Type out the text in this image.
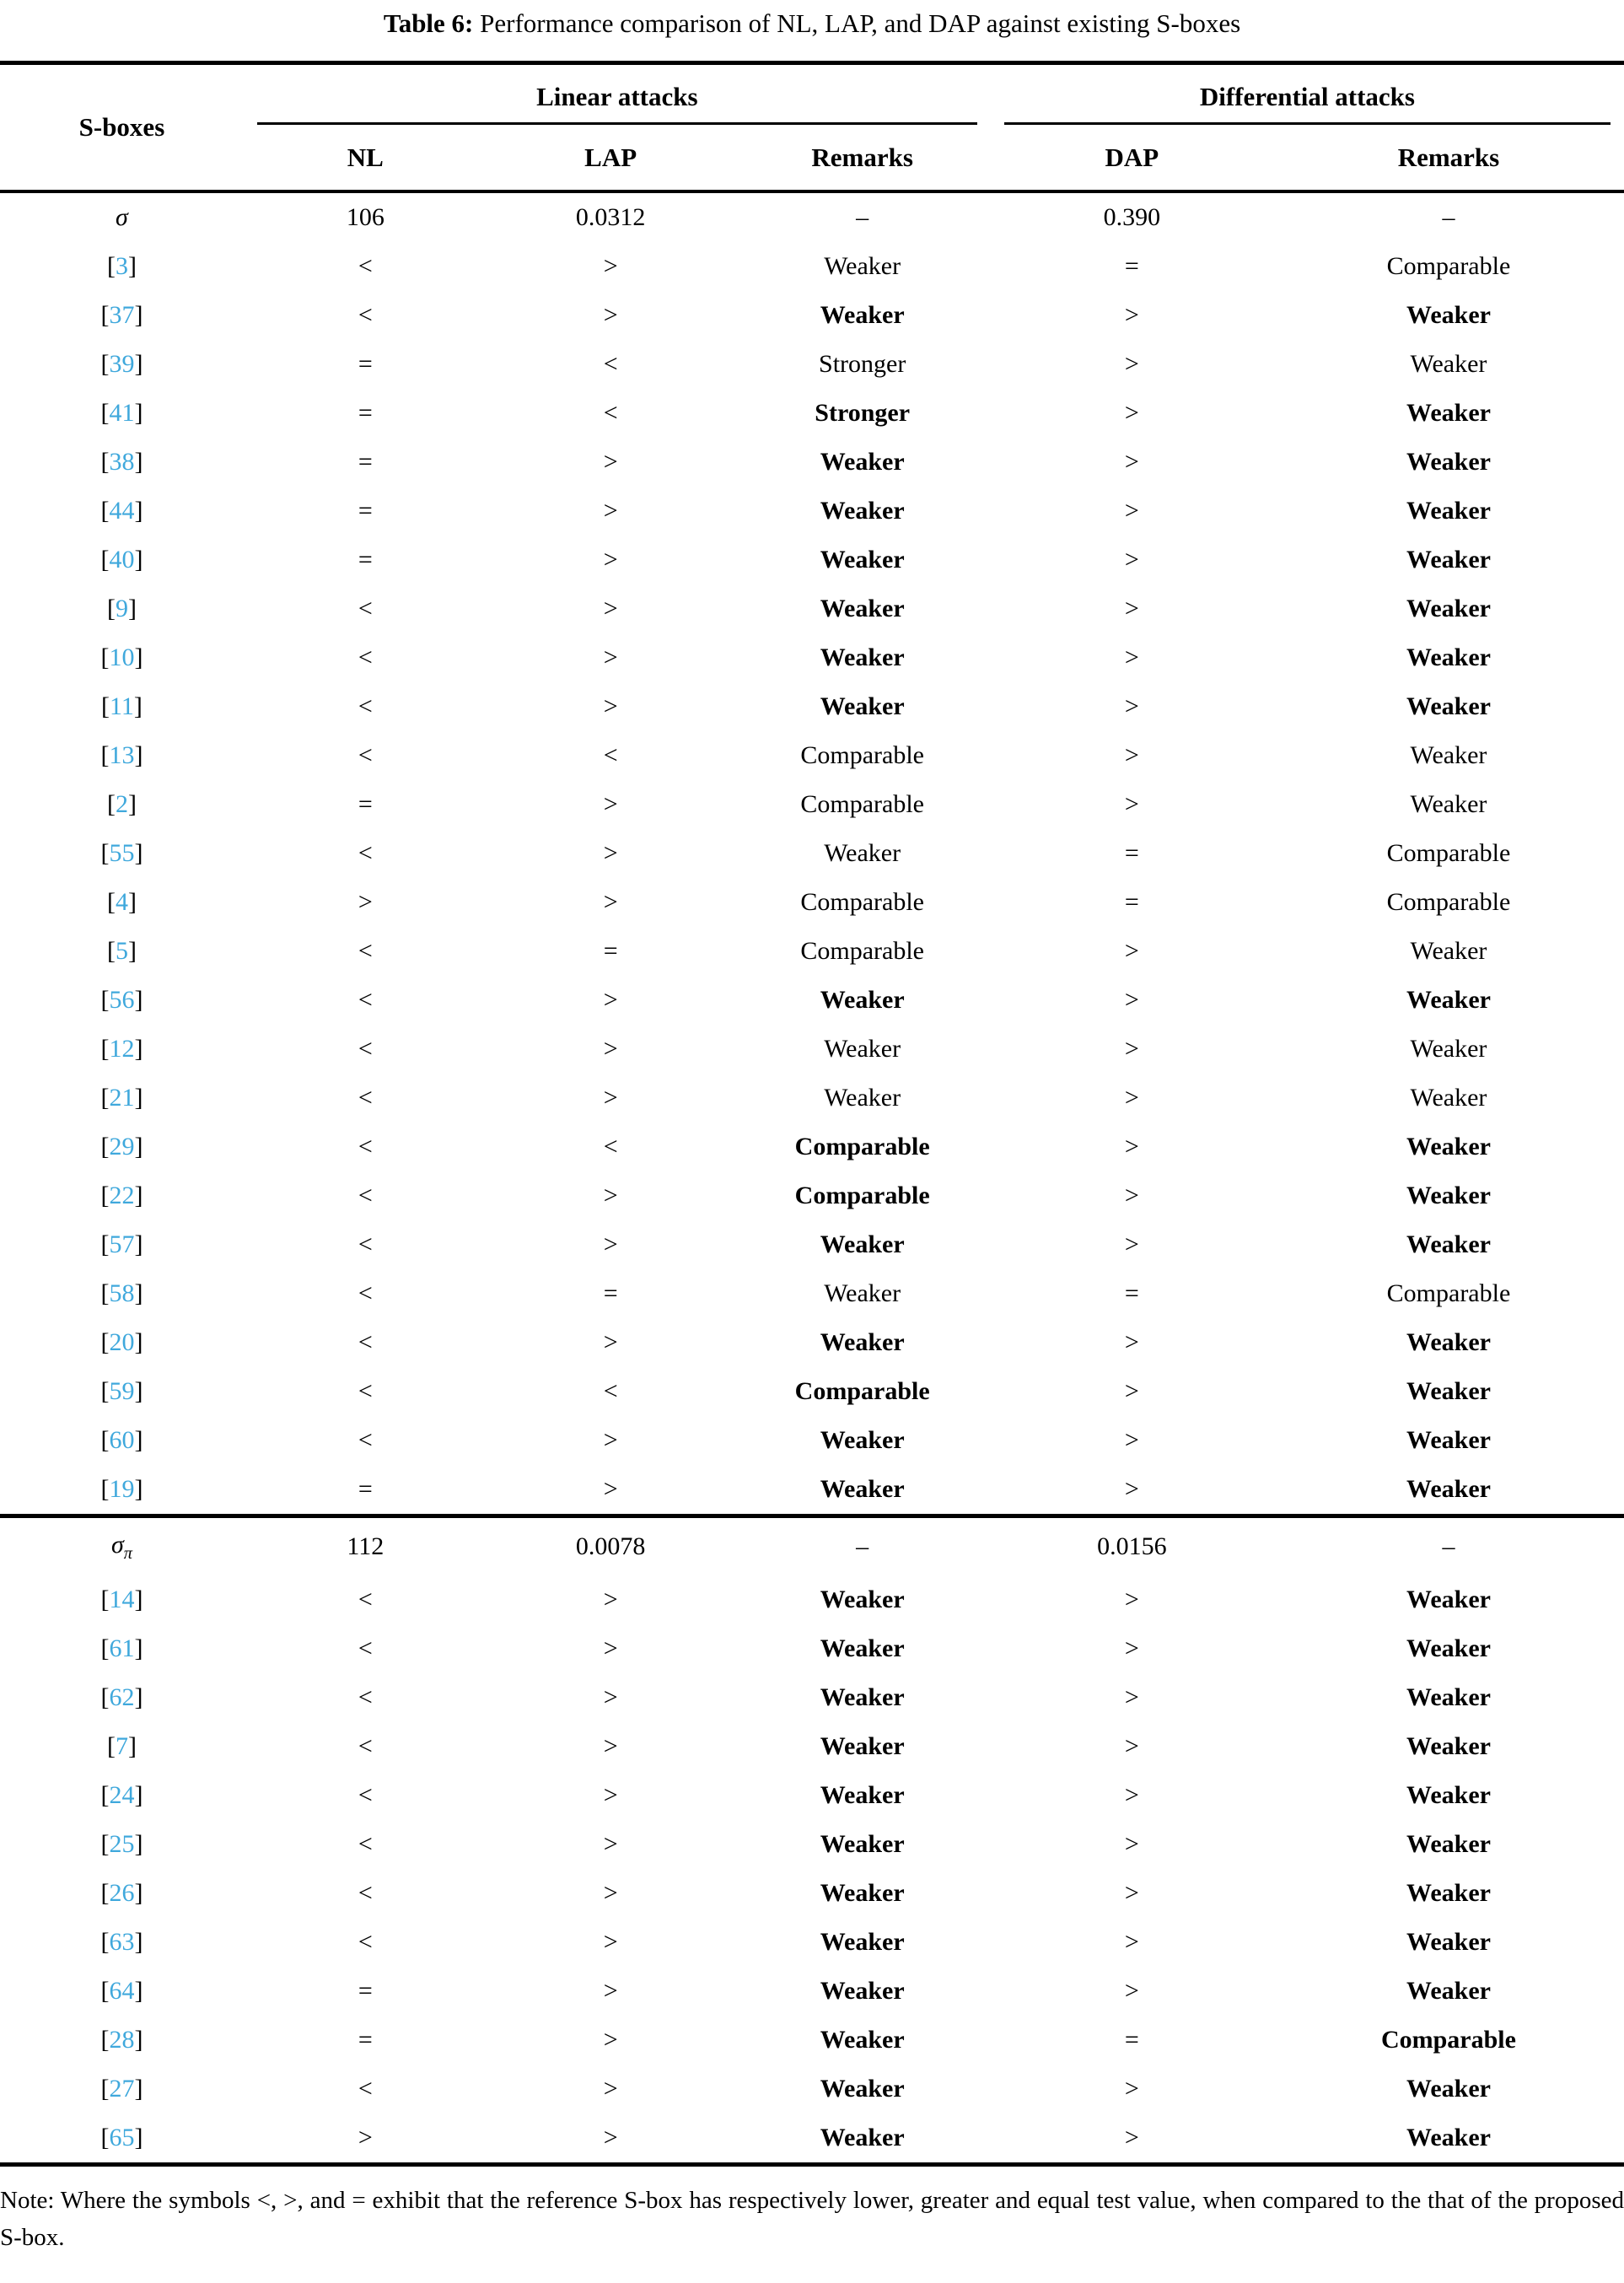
Table 6: Performance comparison of NL, LAP, and DAP against existing S-boxes
S-boxes	Linear attacks			Differential attacks	

	NL	LAP	Remarks	DAP	Remarks
σ	106	0.0312	–	0.390	–
[3]	<	>	Weaker	=	Comparable
[37]	<	>	Weaker	>	Weaker
[39]	=	<	Stronger	>	Weaker
[41]	=	<	Stronger	>	Weaker
[38]	=	>	Weaker	>	Weaker
[44]	=	>	Weaker	>	Weaker
[40]	=	>	Weaker	>	Weaker
[9]	<	>	Weaker	>	Weaker
[10]	<	>	Weaker	>	Weaker
[11]	<	>	Weaker	>	Weaker
[13]	<	<	Comparable	>	Weaker
[2]	=	>	Comparable	>	Weaker
[55]	<	>	Weaker	=	Comparable
[4]	>	>	Comparable	=	Comparable
[5]	<	=	Comparable	>	Weaker
[56]	<	>	Weaker	>	Weaker
[12]	<	>	Weaker	>	Weaker
[21]	<	>	Weaker	>	Weaker
[29]	<	<	Comparable	>	Weaker
[22]	<	>	Comparable	>	Weaker
[57]	<	>	Weaker	>	Weaker
[58]	<	=	Weaker	=	Comparable
[20]	<	>	Weaker	>	Weaker
[59]	<	<	Comparable	>	Weaker
[60]	<	>	Weaker	>	Weaker
[19]	=	>	Weaker	>	Weaker
$\sigma_\pi$	112	0.0078	–	0.0156	–
[14]	<	>	Weaker	>	Weaker
[61]	<	>	Weaker	>	Weaker
[62]	<	>	Weaker	>	Weaker
[7]	<	>	Weaker	>	Weaker
[24]	<	>	Weaker	>	Weaker
[25]	<	>	Weaker	>	Weaker
[26]	<	>	Weaker	>	Weaker
[63]	<	>	Weaker	>	Weaker
[64]	=	>	Weaker	>	Weaker
[28]	=	>	Weaker	=	Comparable
[27]	<	>	Weaker	>	Weaker
[65]	>	>	Weaker	>	Weaker

Note: Where the symbols <, >, and = exhibit that the reference S-box has respectively lower, greater and equal test value, when compared to the that of the proposed S-box.
